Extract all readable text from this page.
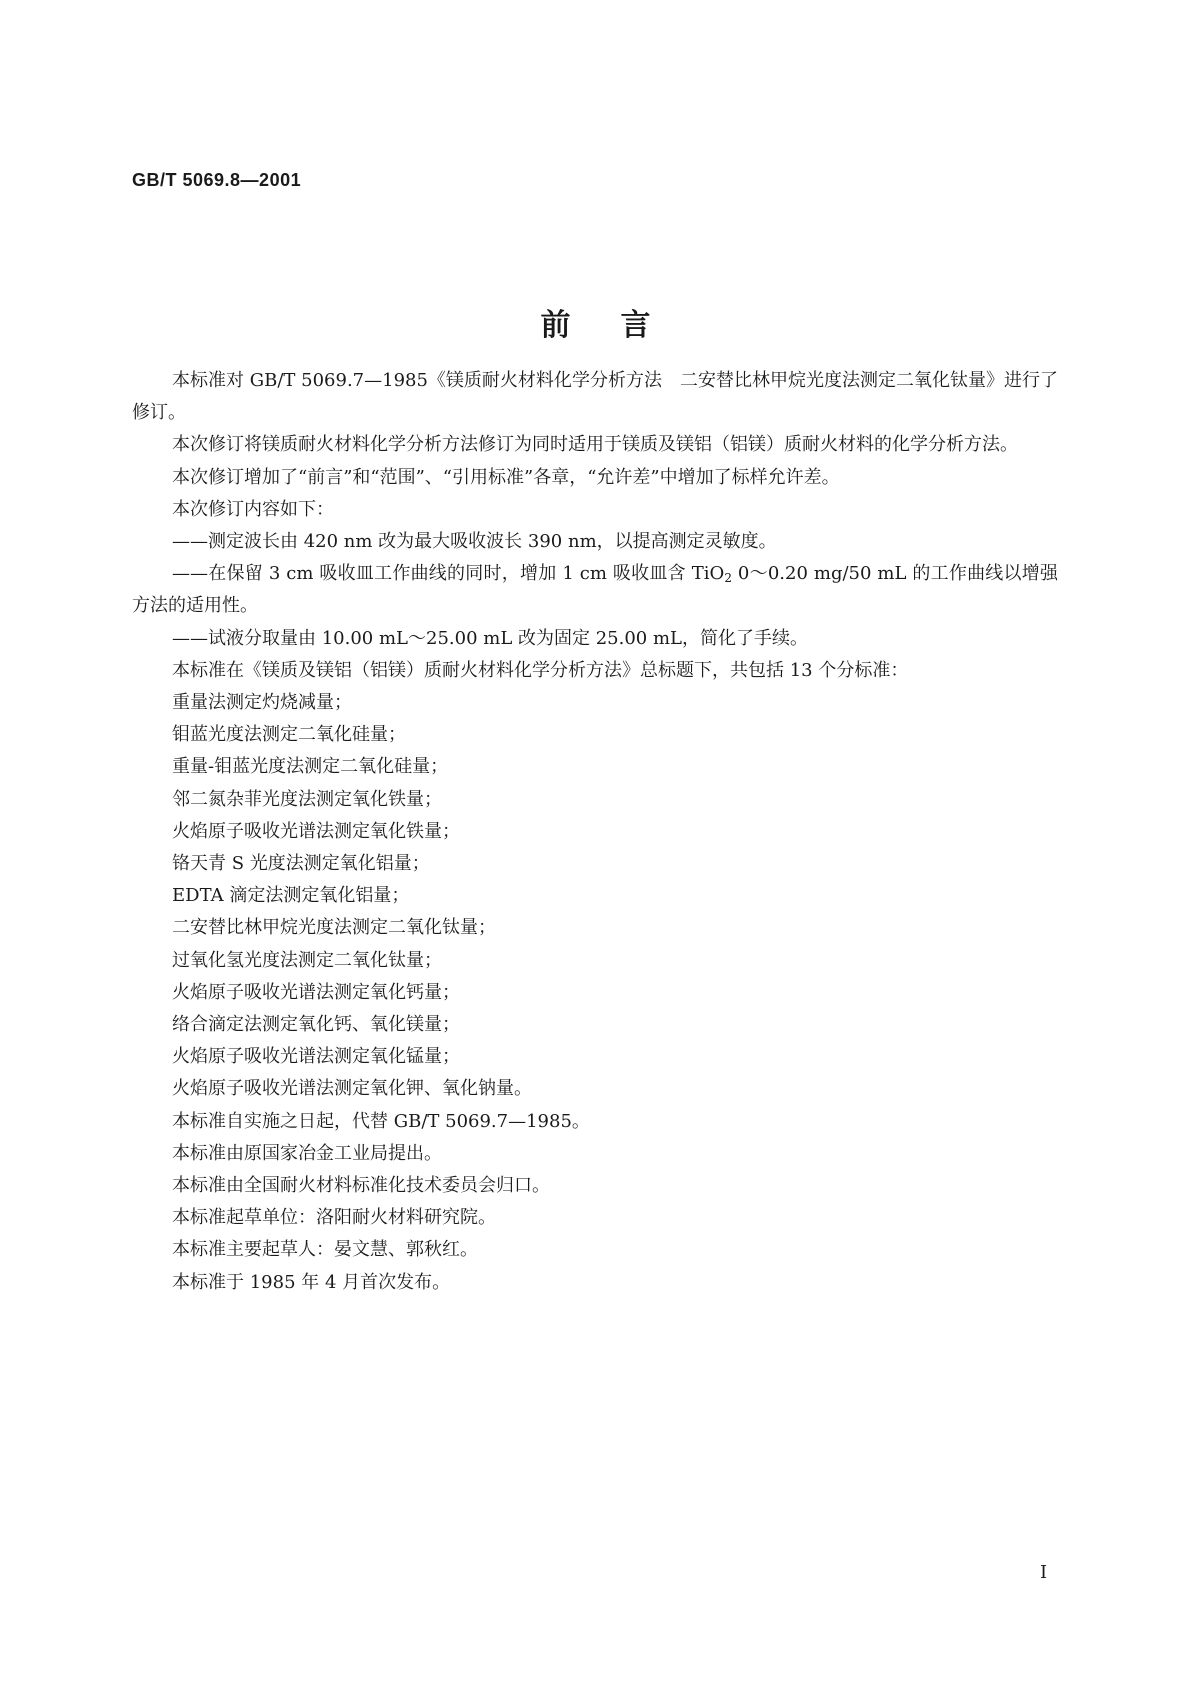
GB/T 5069.8—2001
前言

本标准对 GB/T 5069.7—1985《镁质耐火材料化学分析方法　二安替比林甲烷光度法测定二氧化钛量》进行了修订。

本次修订将镁质耐火材料化学分析方法修订为同时适用于镁质及镁铝（铝镁）质耐火材料的化学分析方法。

本次修订增加了“前言”和“范围”、“引用标准”各章，“允许差”中增加了标样允许差。

本次修订内容如下：

——测定波长由 420 nm 改为最大吸收波长 390 nm，以提高测定灵敏度。

——在保留 3 cm 吸收皿工作曲线的同时，增加 1 cm 吸收皿含 TiO$_2$ 0～0.20 mg/50 mL 的工作曲线以增强方法的适用性。

——试液分取量由 10.00 mL～25.00 mL 改为固定 25.00 mL，简化了手续。

本标准在《镁质及镁铝（铝镁）质耐火材料化学分析方法》总标题下，共包括 13 个分标准：

重量法测定灼烧减量；

钼蓝光度法测定二氧化硅量；

重量-钼蓝光度法测定二氧化硅量；

邻二氮杂菲光度法测定氧化铁量；

火焰原子吸收光谱法测定氧化铁量；

铬天青 S 光度法测定氧化铝量；

EDTA 滴定法测定氧化铝量；

二安替比林甲烷光度法测定二氧化钛量；

过氧化氢光度法测定二氧化钛量；

火焰原子吸收光谱法测定氧化钙量；

络合滴定法测定氧化钙、氧化镁量；

火焰原子吸收光谱法测定氧化锰量；

火焰原子吸收光谱法测定氧化钾、氧化钠量。

本标准自实施之日起，代替 GB/T 5069.7—1985。

本标准由原国家冶金工业局提出。

本标准由全国耐火材料标准化技术委员会归口。

本标准起草单位：洛阳耐火材料研究院。

本标准主要起草人：晏文慧、郭秋红。

本标准于 1985 年 4 月首次发布。

I
